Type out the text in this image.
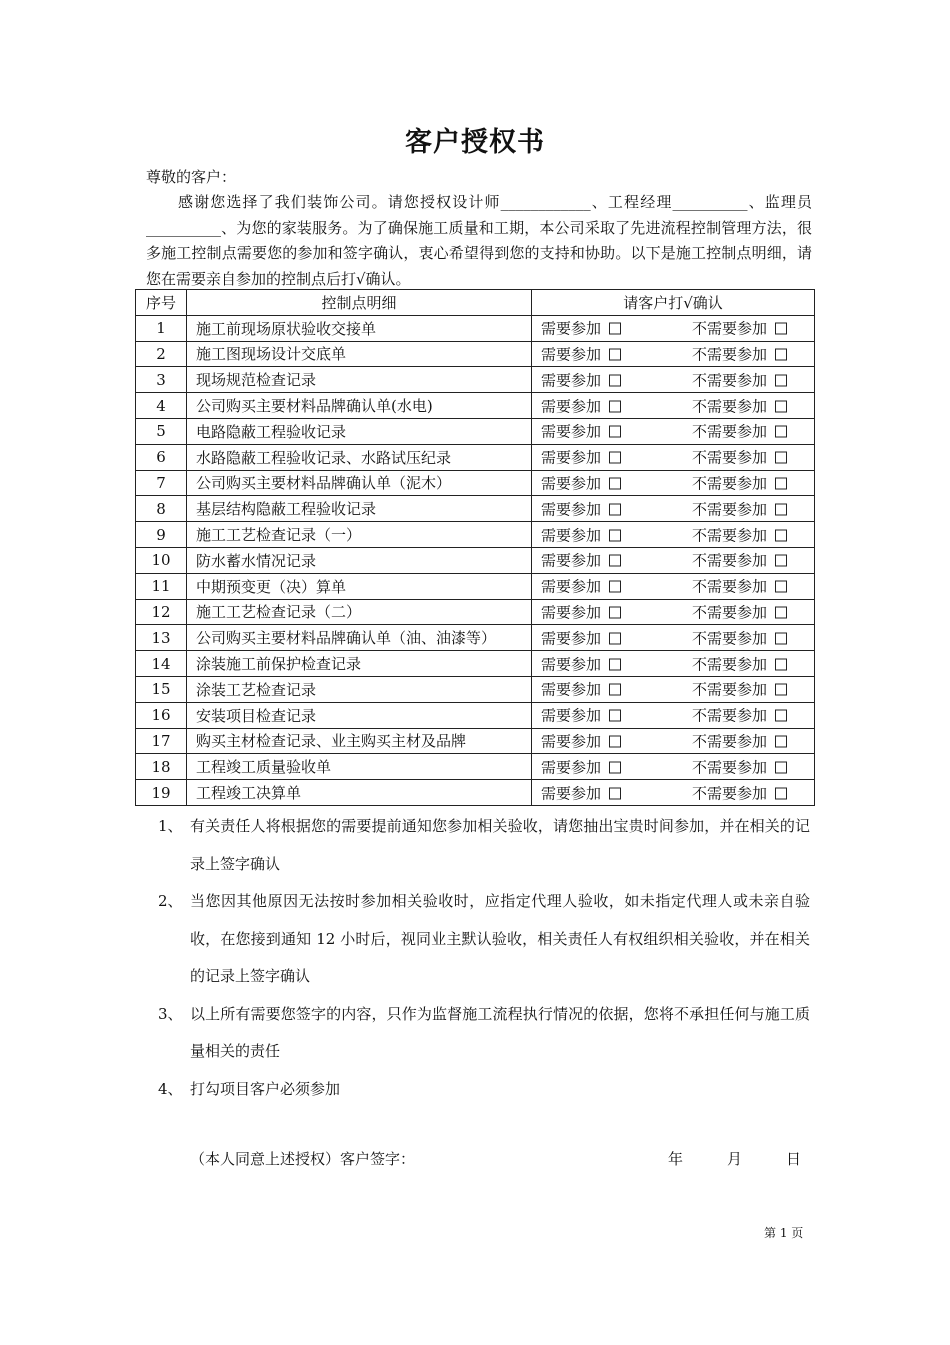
客户授权书
尊敬的客户：

感谢您选择了我们装饰公司。请您授权设计师____________、工程经理__________、监理员__________、为您的家装服务。为了确保施工质量和工期，本公司采取了先进流程控制管理方法，很多施工控制点需要您的参加和签字确认，衷心希望得到您的支持和协助。以下是施工控制点明细，请您在需要亲自参加的控制点后打√确认。

序号	控制点明细	请客户打√确认
1	施工前现场原状验收交接单	需要参加 不需要参加

2	施工图现场设计交底单	需要参加 不需要参加

3	现场规范检查记录	需要参加 不需要参加

4	公司购买主要材料品牌确认单(水电)	需要参加 不需要参加

5	电路隐蔽工程验收记录	需要参加 不需要参加

6	水路隐蔽工程验收记录、水路试压纪录	需要参加 不需要参加

7	公司购买主要材料品牌确认单（泥木）	需要参加 不需要参加

8	基层结构隐蔽工程验收记录	需要参加 不需要参加

9	施工工艺检查记录（一）	需要参加 不需要参加

10	防水蓄水情况记录	需要参加 不需要参加

11	中期预变更（决）算单	需要参加 不需要参加

12	施工工艺检查记录（二）	需要参加 不需要参加

13	公司购买主要材料品牌确认单（油、油漆等）	需要参加 不需要参加

14	涂装施工前保护检查记录	需要参加 不需要参加

15	涂装工艺检查记录	需要参加 不需要参加

16	安装项目检查记录	需要参加 不需要参加

17	购买主材检查记录、业主购买主材及品牌	需要参加 不需要参加

18	工程竣工质量验收单	需要参加 不需要参加

19	工程竣工决算单	需要参加 不需要参加
1、 有关责任人将根据您的需要提前通知您参加相关验收，请您抽出宝贵时间参加，并在相关的记录上签字确认
2、 当您因其他原因无法按时参加相关验收时，应指定代理人验收，如未指定代理人或未亲自验收，在您接到通知 12 小时后，视同业主默认验收，相关责任人有权组织相关验收，并在相关的记录上签字确认
3、 以上所有需要您签字的内容，只作为监督施工流程执行情况的依据，您将不承担任何与施工质量相关的责任
4、 打勾项目客户必须参加
（本人同意上述授权）客户签字：	年	月	日
第 1 页
